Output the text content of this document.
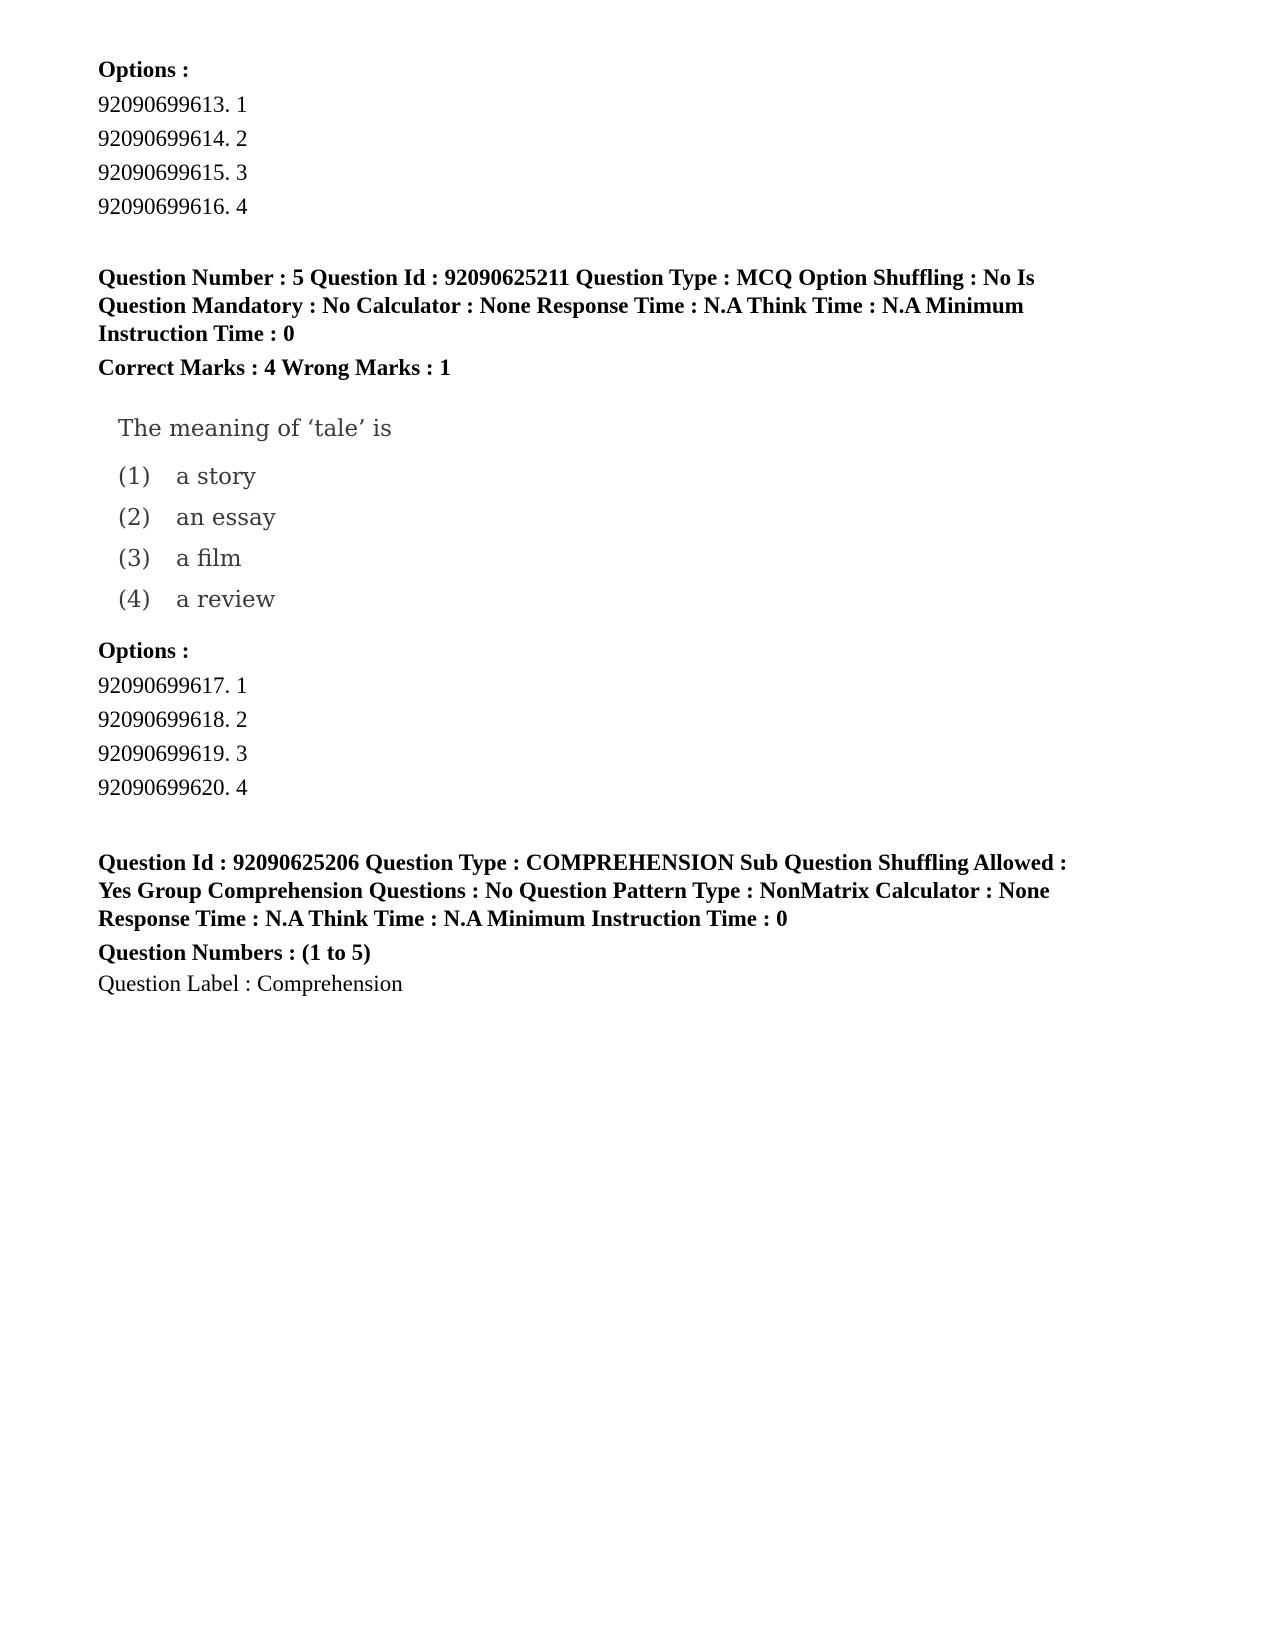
Options :
92090699613. 1
92090699614. 2
92090699615. 3
92090699616. 4
Question Number : 5 Question Id : 92090625211 Question Type : MCQ Option Shuffling : No Is
Question Mandatory : No Calculator : None Response Time : N.A Think Time : N.A Minimum
Instruction Time : 0
Correct Marks : 4 Wrong Marks : 1
The meaning of ‘tale’ is
(1)	a story
(2)	an essay
(3)	a film
(4)	a review
Options :
92090699617. 1
92090699618. 2
92090699619. 3
92090699620. 4
Question Id : 92090625206 Question Type : COMPREHENSION Sub Question Shuffling Allowed :
Yes Group Comprehension Questions : No Question Pattern Type : NonMatrix Calculator : None
Response Time : N.A Think Time : N.A Minimum Instruction Time : 0
Question Numbers : (1 to 5)
Question Label : Comprehension
